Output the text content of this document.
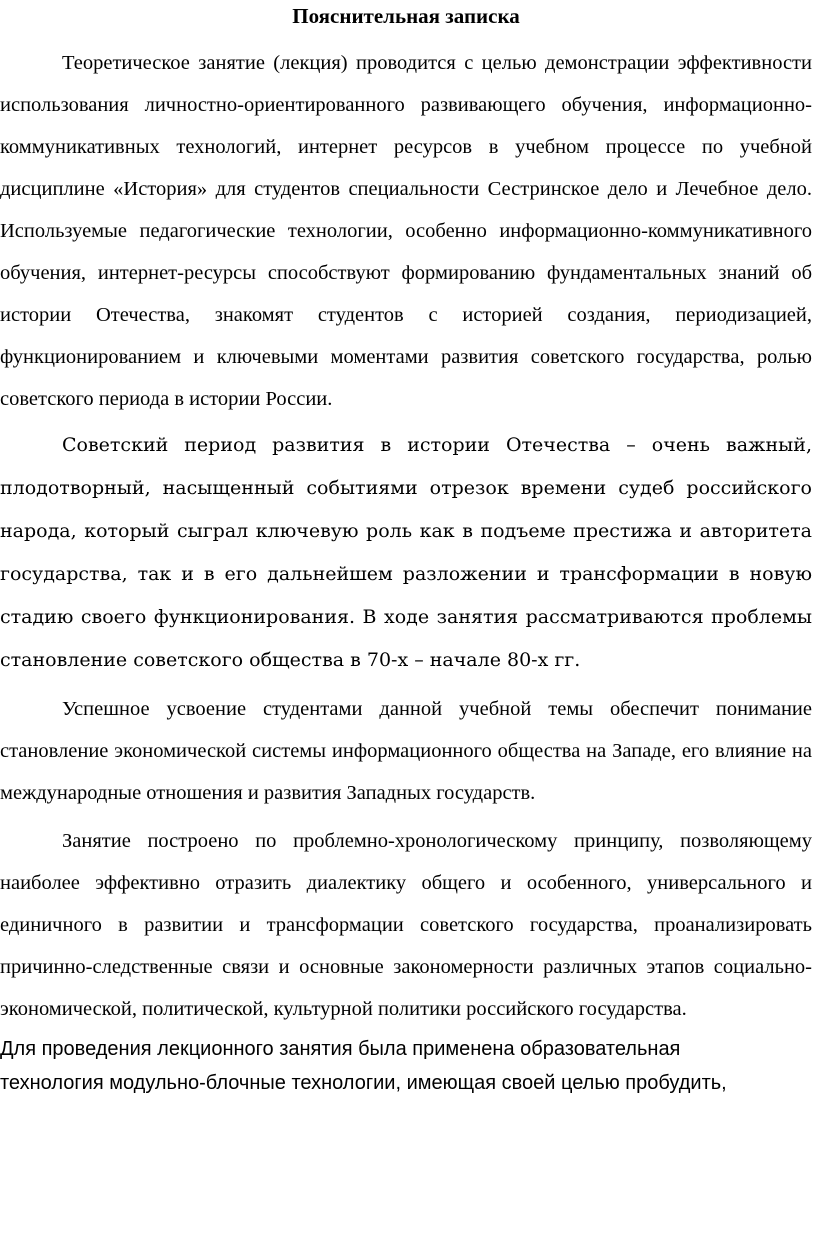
Пояснительная записка

Теоретическое занятие (лекция) проводится с целью демонстрации эффективности использования личностно-ориентированного развивающего обучения, информационно-коммуникативных технологий, интернет ресурсов в учебном процессе по учебной дисциплине «История» для студентов специальности Сестринское дело и Лечебное дело. Используемые педагогические технологии, особенно информационно-коммуникативного обучения, интернет-ресурсы способствуют формированию фундаментальных знаний об истории Отечества, знакомят студентов с историей создания, периодизацией, функционированием и ключевыми моментами развития советского государства, ролью советского периода в истории России.

Советский период развития в истории Отечества – очень важный, плодотворный, насыщенный событиями отрезок времени судеб российского народа, который сыграл ключевую роль как в подъеме престижа и авторитета государства, так и в его дальнейшем разложении и трансформации в новую стадию своего функционирования. В ходе занятия рассматриваются проблемы становление советского общества в 70-х – начале 80-х гг.

Успешное усвоение студентами данной учебной темы обеспечит понимание становление экономической системы информационного общества на Западе, его влияние на международные отношения и развития Западных государств.

Занятие построено по проблемно-хронологическому принципу, позволяющему наиболее эффективно отразить диалектику общего и особенного, универсального и единичного в развитии и трансформации советского государства, проанализировать причинно-следственные связи и основные закономерности различных этапов социально-экономической, политической, культурной политики российского государства.

Для проведения лекционного занятия была применена образовательная технология модульно-блочные технологии, имеющая своей целью пробудить,
